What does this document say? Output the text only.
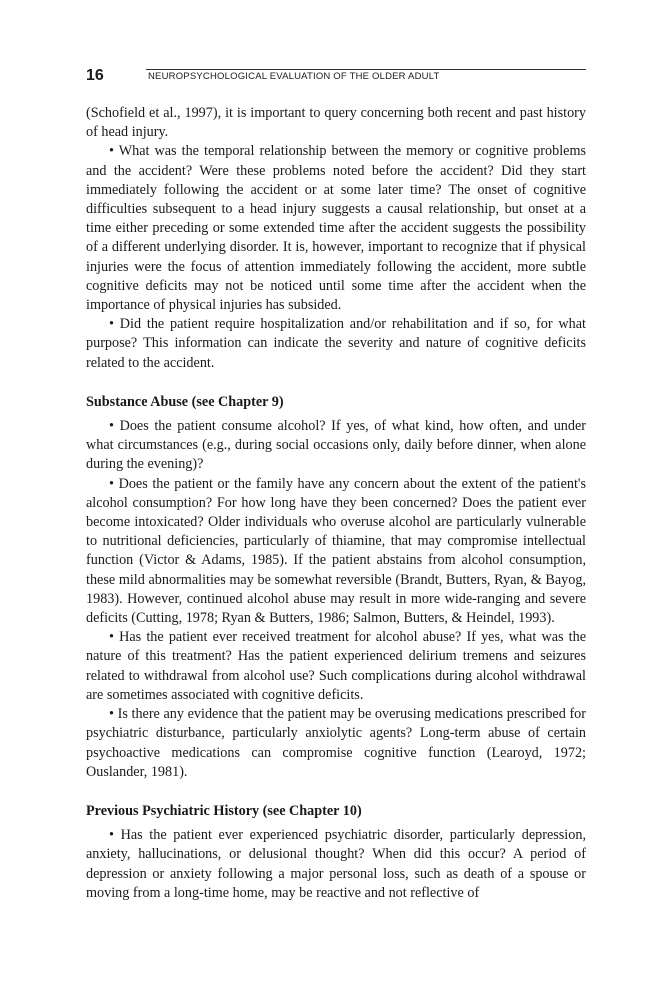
16	NEUROPSYCHOLOGICAL EVALUATION OF THE OLDER ADULT

(Schofield et al., 1997), it is important to query concerning both recent and past history of head injury.

• What was the temporal relationship between the memory or cognitive problems and the accident? Were these problems noted before the accident? Did they start immediately following the accident or at some later time? The onset of cognitive difficulties subsequent to a head injury suggests a causal relationship, but onset at a time either preceding or some extended time after the accident suggests the possibility of a different underlying disorder. It is, however, important to recognize that if physical injuries were the focus of attention immediately following the accident, more subtle cognitive deficits may not be noticed until some time after the accident when the importance of physical injuries has subsided.

• Did the patient require hospitalization and/or rehabilitation and if so, for what purpose? This information can indicate the severity and nature of cognitive deficits related to the accident.

Substance Abuse (see Chapter 9)

• Does the patient consume alcohol? If yes, of what kind, how often, and under what circumstances (e.g., during social occasions only, daily before dinner, when alone during the evening)?

• Does the patient or the family have any concern about the extent of the patient's alcohol consumption? For how long have they been concerned? Does the patient ever become intoxicated? Older individuals who overuse alcohol are particularly vulnerable to nutritional deficiencies, particularly of thiamine, that may compromise intellectual function (Victor & Adams, 1985). If the patient abstains from alcohol consumption, these mild abnormalities may be somewhat reversible (Brandt, Butters, Ryan, & Bayog, 1983). However, continued alcohol abuse may result in more wide-ranging and severe deficits (Cutting, 1978; Ryan & Butters, 1986; Salmon, Butters, & Heindel, 1993).

• Has the patient ever received treatment for alcohol abuse? If yes, what was the nature of this treatment? Has the patient experienced delirium tremens and seizures related to withdrawal from alcohol use? Such complications during alcohol withdrawal are sometimes associated with cognitive deficits.

• Is there any evidence that the patient may be overusing medications prescribed for psychiatric disturbance, particularly anxiolytic agents? Long-term abuse of certain psychoactive medications can compromise cognitive function (Learoyd, 1972; Ouslander, 1981).

Previous Psychiatric History (see Chapter 10)

• Has the patient ever experienced psychiatric disorder, particularly depression, anxiety, hallucinations, or delusional thought? When did this occur? A period of depression or anxiety following a major personal loss, such as death of a spouse or moving from a long-time home, may be reactive and not reflective of
